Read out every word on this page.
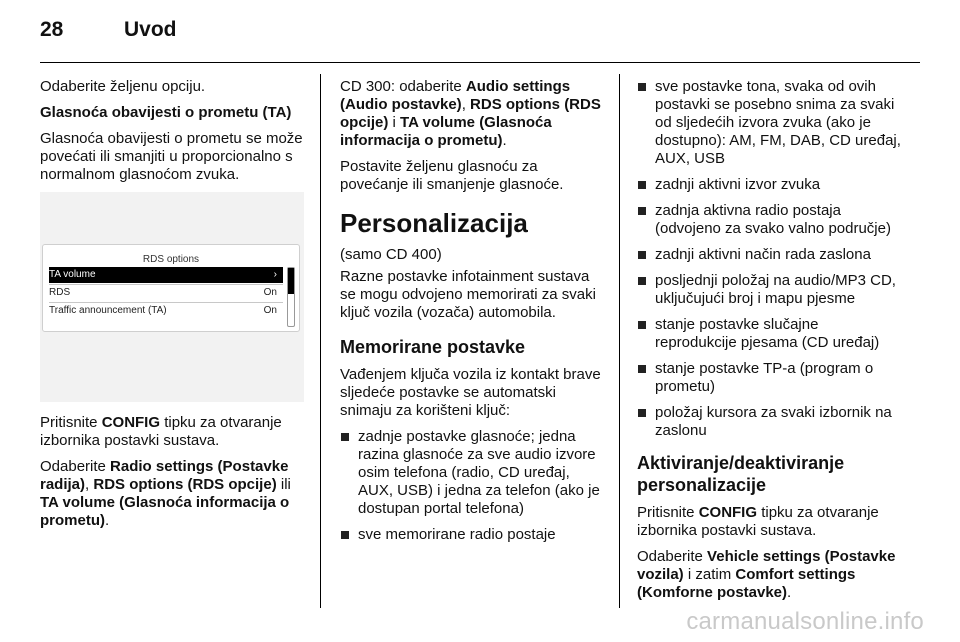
28	Uvod

Odaberite željenu opciju.

Glasnoća obavijesti o prometu (TA)

Glasnoća obavijesti o prometu se može povećati ili smanjiti u proporcionalno s normalnom glasnoćom zvuka.

RDS options
TA volume	›
RDS	On
Traffic announcement (TA)	On

Pritisnite CONFIG tipku za otvaranje izbornika postavki sustava.

Odaberite Radio settings (Postavke radija), RDS options (RDS opcije) ili TA volume (Glasnoća informacija o prometu).

CD 300: odaberite Audio settings (Audio postavke), RDS options (RDS opcije) i TA volume (Glasnoća informacija o prometu).

Postavite željenu glasnoću za povećanje ili smanjenje glasnoće.

Personalizacija

(samo CD 400)

Razne postavke infotainment sustava se mogu odvojeno memorirati za svaki ključ vozila (vozača) automobila.

Memorirane postavke

Vađenjem ključa vozila iz kontakt brave sljedeće postavke se automatski snimaju za korišteni ključ:

zadnje postavke glasnoće; jedna razina glasnoće za sve audio izvore osim telefona (radio, CD uređaj, AUX, USB) i jedna za telefon (ako je dostupan portal telefona)
sve memorirane radio postaje
sve postavke tona, svaka od ovih postavki se posebno snima za svaki od sljedećih izvora zvuka (ako je dostupno): AM, FM, DAB, CD uređaj, AUX, USB
zadnji aktivni izvor zvuka
zadnja aktivna radio postaja (odvojeno za svako valno područje)
zadnji aktivni način rada zaslona
posljednji položaj na audio/MP3 CD, uključujući broj i mapu pjesme
stanje postavke slučajne reprodukcije pjesama (CD uređaj)
stanje postavke TP-a (program o prometu)
položaj kursora za svaki izbornik na zaslonu

Aktiviranje/deaktiviranje personalizacije

Pritisnite CONFIG tipku za otvaranje izbornika postavki sustava.

Odaberite Vehicle settings (Postavke vozila) i zatim Comfort settings (Komforne postavke).

carmanualsonline.info
